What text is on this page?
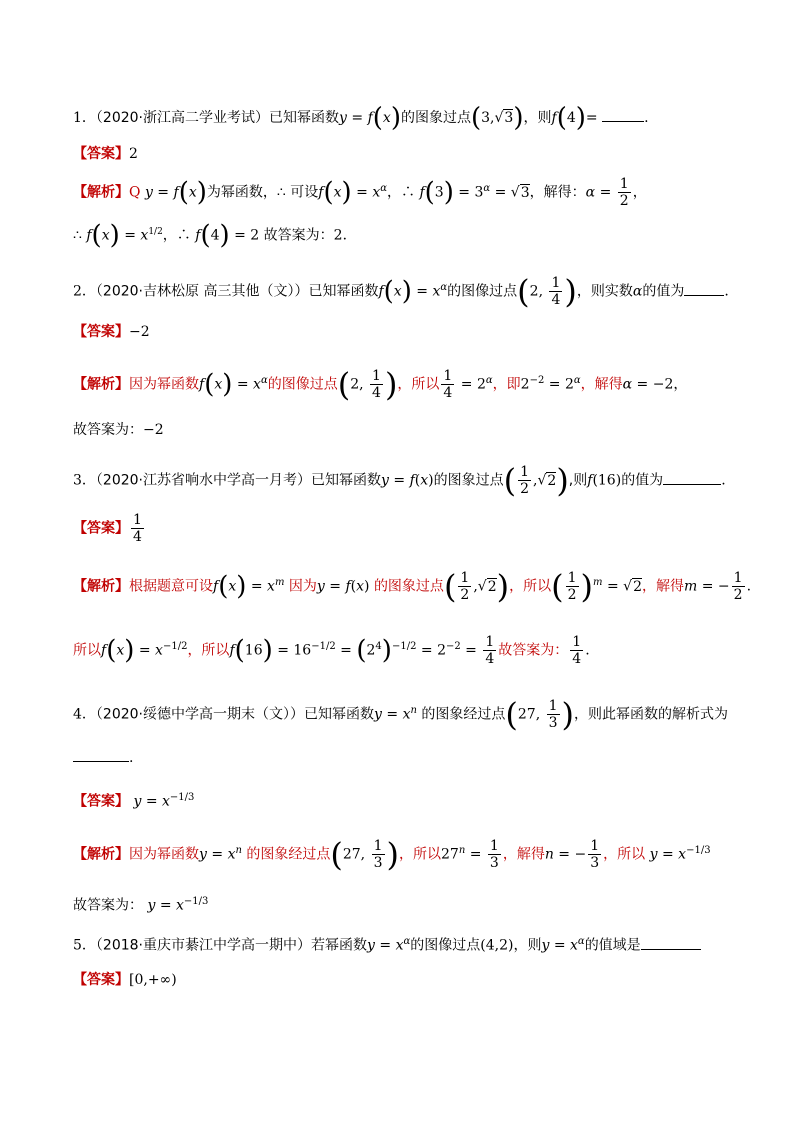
1．（2020·浙江高二学业考试）已知幂函数y = f(x)的图象过点(3,√3)，则f(4)=	.
【答案】2
【解析】Q y = f(x)为幂函数，∴ 可设$f(x) = x^\alpha$，∴ $f(3) = 3^\alpha = √3$，解得：$\alpha = \frac{1}{2}$ ，
∴ $f(x) = x^{1/2}$，∴ f(4) = 2 故答案为：2．
2．（2020·吉林松原 高三其他（文））已知幂函数$f(x) = x^\alpha$的图像过点(2, $\frac{1}{4}$ )，则实数α的值为	.
【答案】−2
【解析】因为幂函数$f(x) = x^\alpha$的图像过点(2, $\frac{1}{4}$ )，所以 $\frac{1}{4} = 2^\alpha$，即$2^{-2} = 2^\alpha$，解得α = −2，
故答案为：−2
3．（2020·江苏省响水中学高一月考）已知幂函数y = f(x)的图象过点( $\frac{1}{2} ,√2$),则f(16)的值为	.
【答案】 $\frac{1}{4}$
【解析】根据题意可设$f(x) = x^m$ 因为y = f(x) 的图象过点( $\frac{1}{2} ,√2$)，所以( $\frac{1}{2} )^m = √2$，解得m = − $\frac{1}{2}$ .
所以$f(x) = x^{-1/2}$，所以$f(16) = 16^{-1/2} = (2^4)^{-1/2} = 2^{-2} = \frac{1}{4}$ 故答案为： $\frac{1}{4}$ .
4．（2020·绥德中学高一期末（文））已知幂函数$y = x^n$ 的图象经过点(27, $\frac{1}{3}$ )，则此幂函数的解析式为
.
【答案】 $y = x^{-1/3}$
【解析】因为幂函数$y = x^n$ 的图象经过点(27, $\frac{1}{3}$ )，所以$27^n = \frac{1}{3}$ ，解得n = − $\frac{1}{3}$ ，所以 $y = x^{-1/3}$
故答案为： $y = x^{-1/3}$
5．（2018·重庆市綦江中学高一期中）若幂函数$y = x^\alpha$的图像过点(4,2)，则$y = x^\alpha$的值域是
【答案】[0,+∞)
